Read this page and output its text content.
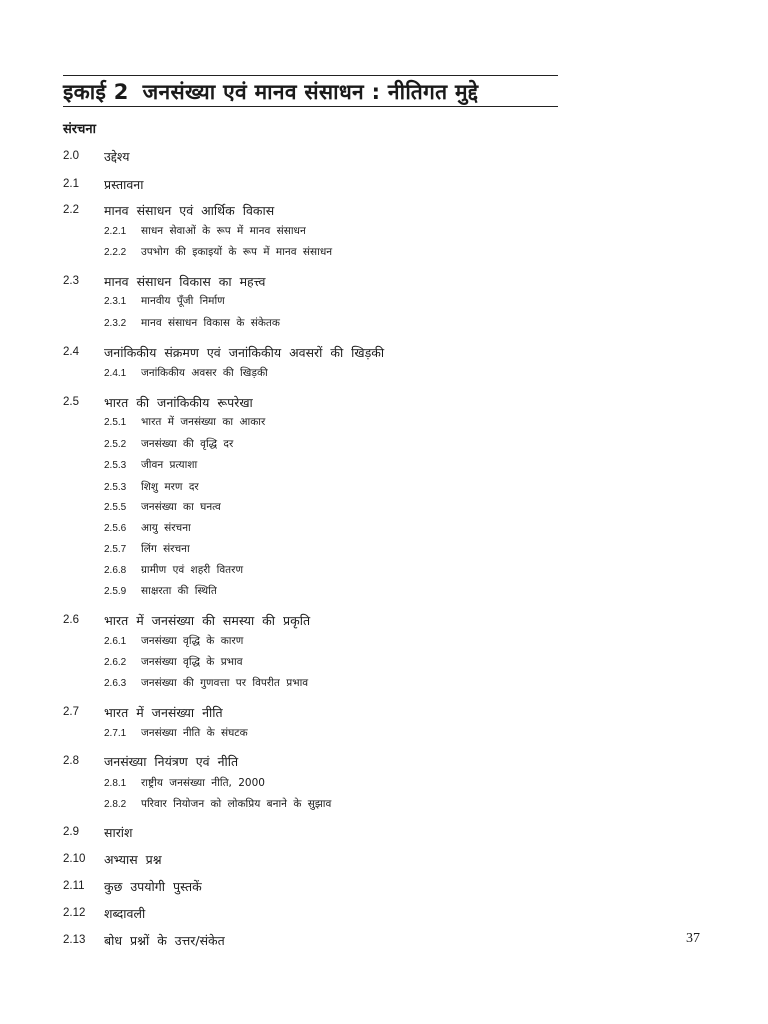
इकाई 2 जनसंख्या एवं मानव संसाधन : नीतिगत मुद्दे
संरचना
2.0 उद्देश्य
2.1 प्रस्तावना
2.2 मानव संसाधन एवं आर्थिक विकास
2.2.1 साधन सेवाओं के रूप में मानव संसाधन
2.2.2 उपभोग की इकाइयों के रूप में मानव संसाधन
2.3 मानव संसाधन विकास का महत्त्व
2.3.1 मानवीय पूँजी निर्माण
2.3.2 मानव संसाधन विकास के संकेतक
2.4 जनांकिकीय संक्रमण एवं जनांकिकीय अवसरों की खिड़की
2.4.1 जनांकिकीय अवसर की खिड़की
2.5 भारत की जनांकिकीय रूपरेखा
2.5.1 भारत में जनसंख्या का आकार
2.5.2 जनसंख्या की वृद्धि दर
2.5.3 जीवन प्रत्याशा
2.5.3 शिशु मरण दर
2.5.5 जनसंख्या का घनत्व
2.5.6 आयु संरचना
2.5.7 लिंग संरचना
2.6.8 ग्रामीण एवं शहरी वितरण
2.5.9 साक्षरता की स्थिति
2.6 भारत में जनसंख्या की समस्या की प्रकृति
2.6.1 जनसंख्या वृद्धि के कारण
2.6.2 जनसंख्या वृद्धि के प्रभाव
2.6.3 जनसंख्या की गुणवत्ता पर विपरीत प्रभाव
2.7 भारत में जनसंख्या नीति
2.7.1 जनसंख्या नीति के संघटक
2.8 जनसंख्या नियंत्रण एवं नीति
2.8.1 राष्ट्रीय जनसंख्या नीति, 2000
2.8.2 परिवार नियोजन को लोकप्रिय बनाने के सुझाव
2.9 सारांश
2.10 अभ्यास प्रश्न
2.11 कुछ उपयोगी पुस्तकें
2.12 शब्दावली
2.13 बोध प्रश्नों के उत्तर/संकेत	37
